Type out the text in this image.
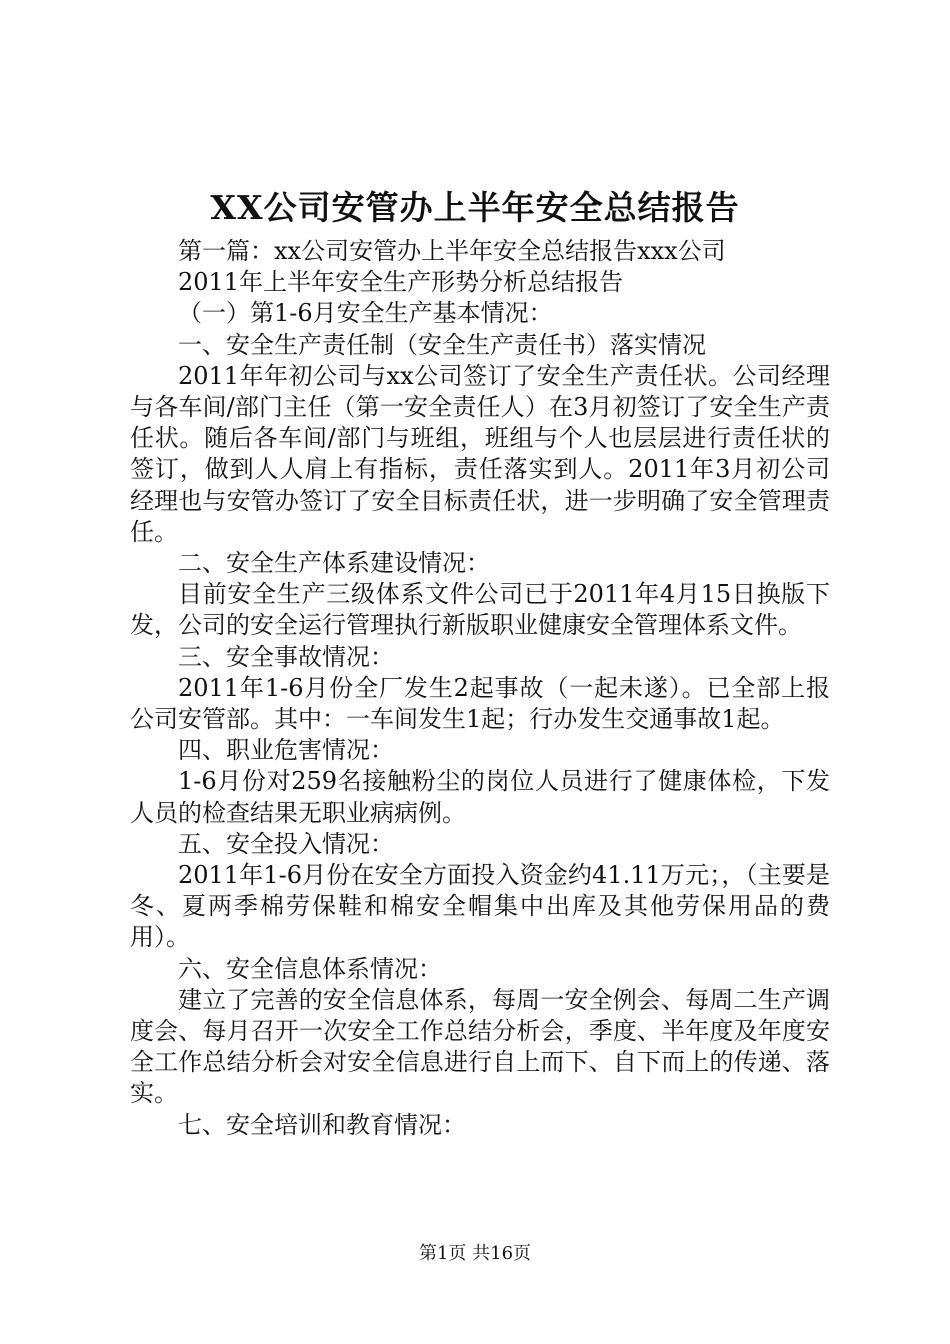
XX公司安管办上半年安全总结报告

第一篇：xx公司安管办上半年安全总结报告xxx公司

2011年上半年安全生产形势分析总结报告

（一）第1-6月安全生产基本情况：

一、安全生产责任制（安全生产责任书）落实情况

2011年年初公司与xx公司签订了安全生产责任状。公司经理与各车间/部门主任（第一安全责任人）在3月初签订了安全生产责任状。随后各车间/部门与班组，班组与个人也层层进行责任状的签订，做到人人肩上有指标，责任落实到人。2011年3月初公司经理也与安管办签订了安全目标责任状，进一步明确了安全管理责任。

二、安全生产体系建设情况：

目前安全生产三级体系文件公司已于2011年4月15日换版下发，公司的安全运行管理执行新版职业健康安全管理体系文件。

三、安全事故情况：

2011年1-6月份全厂发生2起事故（一起未遂）。已全部上报公司安管部。其中：一车间发生1起；行办发生交通事故1起。

四、职业危害情况：

1-6月份对259名接触粉尘的岗位人员进行了健康体检，下发人员的检查结果无职业病病例。

五、安全投入情况：

2011年1-6月份在安全方面投入资金约41.11万元；，（主要是冬、夏两季棉劳保鞋和棉安全帽集中出库及其他劳保用品的费用）。

六、安全信息体系情况：

建立了完善的安全信息体系，每周一安全例会、每周二生产调度会、每月召开一次安全工作总结分析会，季度、半年度及年度安全工作总结分析会对安全信息进行自上而下、自下而上的传递、落实。

七、安全培训和教育情况：

第1页 共16页
